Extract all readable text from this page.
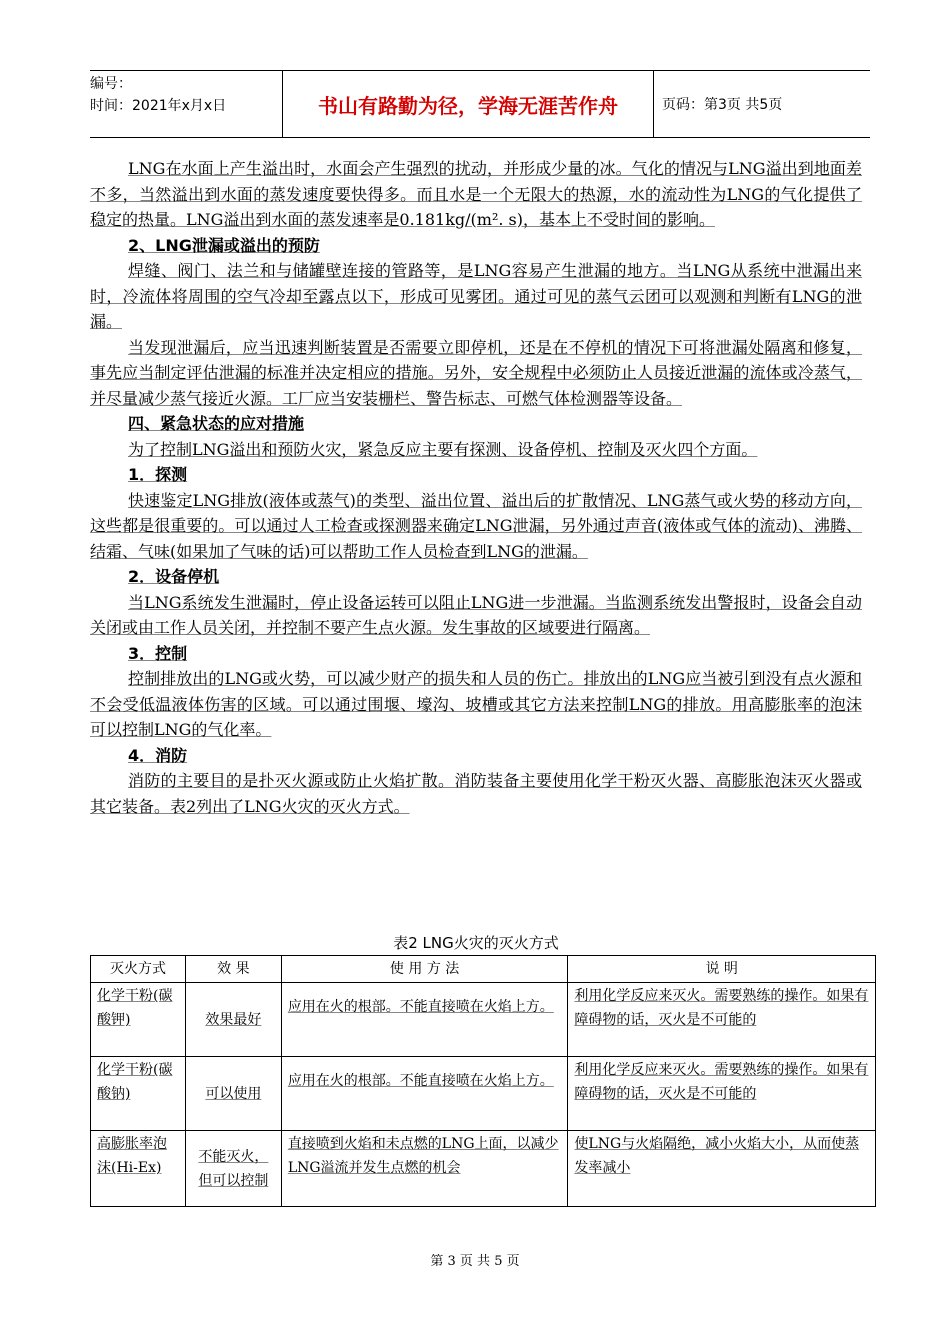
编号：
时间：2021年x月x日	书山有路勤为径，学海无涯苦作舟	页码：第3页 共5页

LNG在水面上产生溢出时，水面会产生强烈的扰动，并形成少量的冰。气化的情况与LNG溢出到地面差不多，当然溢出到水面的蒸发速度要快得多。而且水是一个无限大的热源，水的流动性为LNG的气化提供了稳定的热量。LNG溢出到水面的蒸发速率是0.181kg/(m². s)，基本上不受时间的影响。

2、LNG泄漏或溢出的预防

焊缝、阀门、法兰和与储罐壁连接的管路等，是LNG容易产生泄漏的地方。当LNG从系统中泄漏出来时，冷流体将周围的空气冷却至露点以下，形成可见雾团。通过可见的蒸气云团可以观测和判断有LNG的泄漏。

当发现泄漏后，应当迅速判断装置是否需要立即停机，还是在不停机的情况下可将泄漏处隔离和修复，事先应当制定评估泄漏的标准并决定相应的措施。另外，安全规程中必须防止人员接近泄漏的流体或冷蒸气，并尽量减少蒸气接近火源。工厂应当安装栅栏、警告标志、可燃气体检测器等设备。

四、紧急状态的应对措施

为了控制LNG溢出和预防火灾，紧急反应主要有探测、设备停机、控制及灭火四个方面。

1．探测

快速鉴定LNG排放(液体或蒸气)的类型、溢出位置、溢出后的扩散情况、LNG蒸气或火势的移动方向，这些都是很重要的。可以通过人工检查或探测器来确定LNG泄漏，另外通过声音(液体或气体的流动)、沸腾、结霜、气味(如果加了气味的话)可以帮助工作人员检查到LNG的泄漏。

2．设备停机

当LNG系统发生泄漏时，停止设备运转可以阻止LNG进一步泄漏。当监测系统发出警报时，设备会自动关闭或由工作人员关闭，并控制不要产生点火源。发生事故的区域要进行隔离。

3．控制

控制排放出的LNG或火势，可以减少财产的损失和人员的伤亡。排放出的LNG应当被引到没有点火源和不会受低温液体伤害的区域。可以通过围堰、壕沟、坡槽或其它方法来控制LNG的排放。用高膨胀率的泡沫可以控制LNG的气化率。

4．消防

消防的主要目的是扑灭火源或防止火焰扩散。消防装备主要使用化学干粉灭火器、高膨胀泡沫灭火器或其它装备。表2列出了LNG火灾的灭火方式。

表2 LNG火灾的灭火方式
灭火方式	效 果	使 用 方 法	说 明
化学干粉(碳酸钾)	效果最好	应用在火的根部。不能直接喷在火焰上方。	利用化学反应来灭火。需要熟练的操作。如果有障碍物的话，灭火是不可能的
化学干粉(碳酸钠)	可以使用	应用在火的根部。不能直接喷在火焰上方。	利用化学反应来灭火。需要熟练的操作。如果有障碍物的话，灭火是不可能的
高膨胀率泡沫(Hi-Ex)	不能灭火，但可以控制	直接喷到火焰和未点燃的LNG上面，以减少LNG溢流并发生点燃的机会	使LNG与火焰隔绝，减小火焰大小，从而使蒸发率减小
第 3 页 共 5 页
